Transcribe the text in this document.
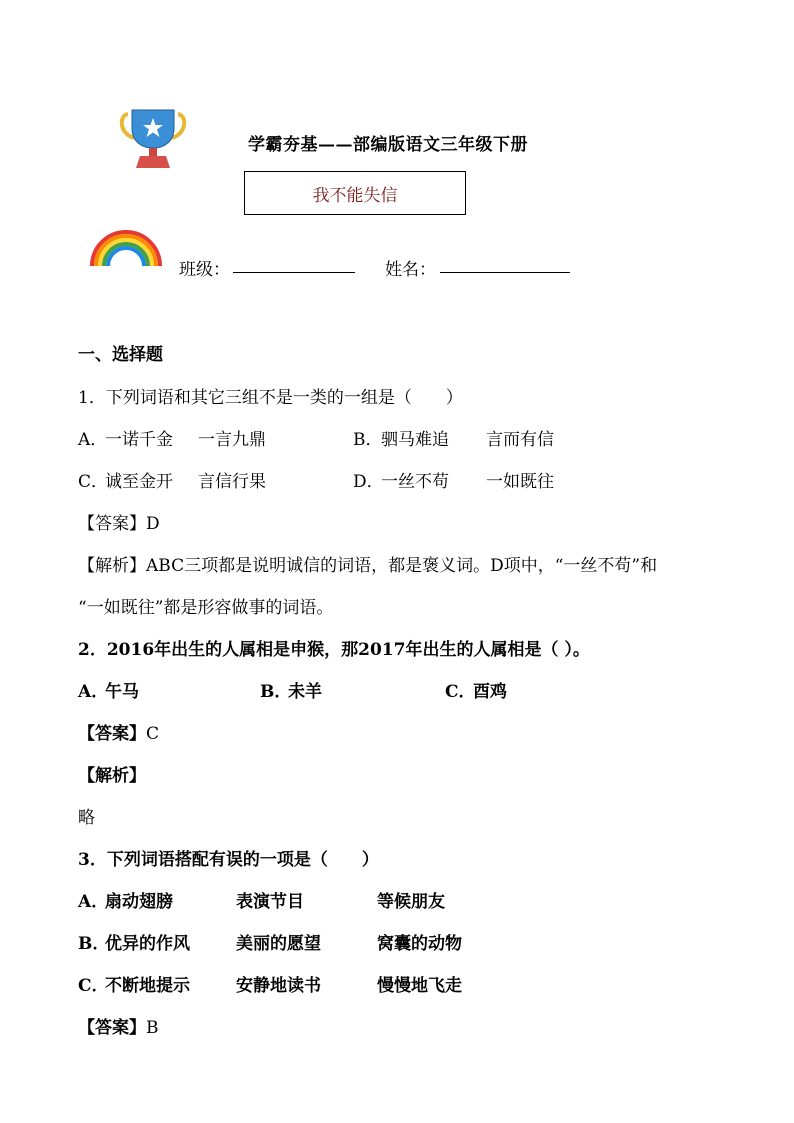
学霸夯基——部编版语文三年级下册
我不能失信
班级：	姓名：
一、选择题
1．下列词语和其它三组不是一类的一组是（　　）
A．
一诺千金 一言九鼎	B．
驷马难追 言而有信
C．
诚至金开 言信行果	D．
一丝不苟 一如既往
【答案】D
【解析】ABC三项都是说明诚信的词语，都是褒义词。D项中，“一丝不苟”和
“一如既往”都是形容做事的词语。
2．2016年出生的人属相是申猴，那2017年出生的人属相是（ ）。
A．
午马	B．
未羊	C．
酉鸡
【答案】C
【解析】
略
3．下列词语搭配有误的一项是（　　）
A．
扇动翅膀	表演节目	等候朋友
B．
优异的作风	美丽的愿望	窝囊的动物
C．
不断地提示	安静地读书	慢慢地飞走
【答案】B
